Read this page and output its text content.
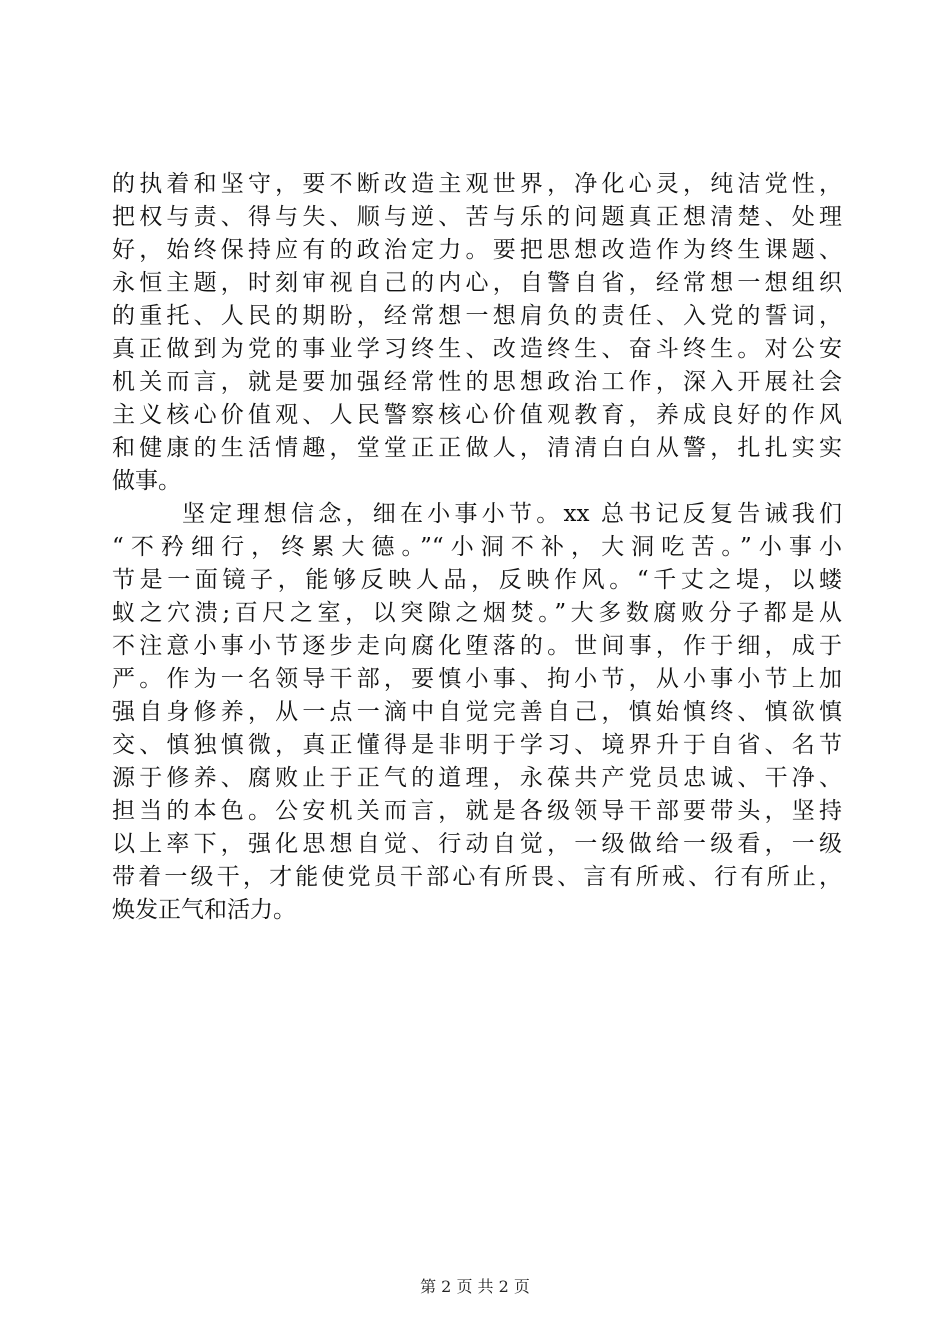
的执着和坚守，要不断改造主观世界，净化心灵，纯洁党性，
把权与责、得与失、顺与逆、苦与乐的问题真正想清楚、处理
好，始终保持应有的政治定力。要把思想改造作为终生课题、
永恒主题，时刻审视自己的内心，自警自省，经常想一想组织
的重托、人民的期盼，经常想一想肩负的责任、入党的誓词，
真正做到为党的事业学习终生、改造终生、奋斗终生。对公安
机关而言，就是要加强经常性的思想政治工作，深入开展社会
主义核心价值观、人民警察核心价值观教育，养成良好的作风
和健康的生活情趣，堂堂正正做人，清清白白从警，扎扎实实
做事。
坚定理想信念，细在小事小节。xx 总书记反复告诫我们
“不矜细行，终累大德。”“小洞不补，大洞吃苦。”小事小
节是一面镜子，能够反映人品，反映作风。“千丈之堤，以蝼
蚁之穴溃;百尺之室，以突隙之烟焚。”大多数腐败分子都是从
不注意小事小节逐步走向腐化堕落的。世间事，作于细，成于
严。作为一名领导干部，要慎小事、拘小节，从小事小节上加
强自身修养，从一点一滴中自觉完善自己，慎始慎终、慎欲慎
交、慎独慎微，真正懂得是非明于学习、境界升于自省、名节
源于修养、腐败止于正气的道理，永葆共产党员忠诚、干净、
担当的本色。公安机关而言，就是各级领导干部要带头，坚持
以上率下，强化思想自觉、行动自觉，一级做给一级看，一级
带着一级干，才能使党员干部心有所畏、言有所戒、行有所止，
焕发正气和活力。
第 2 页 共 2 页
